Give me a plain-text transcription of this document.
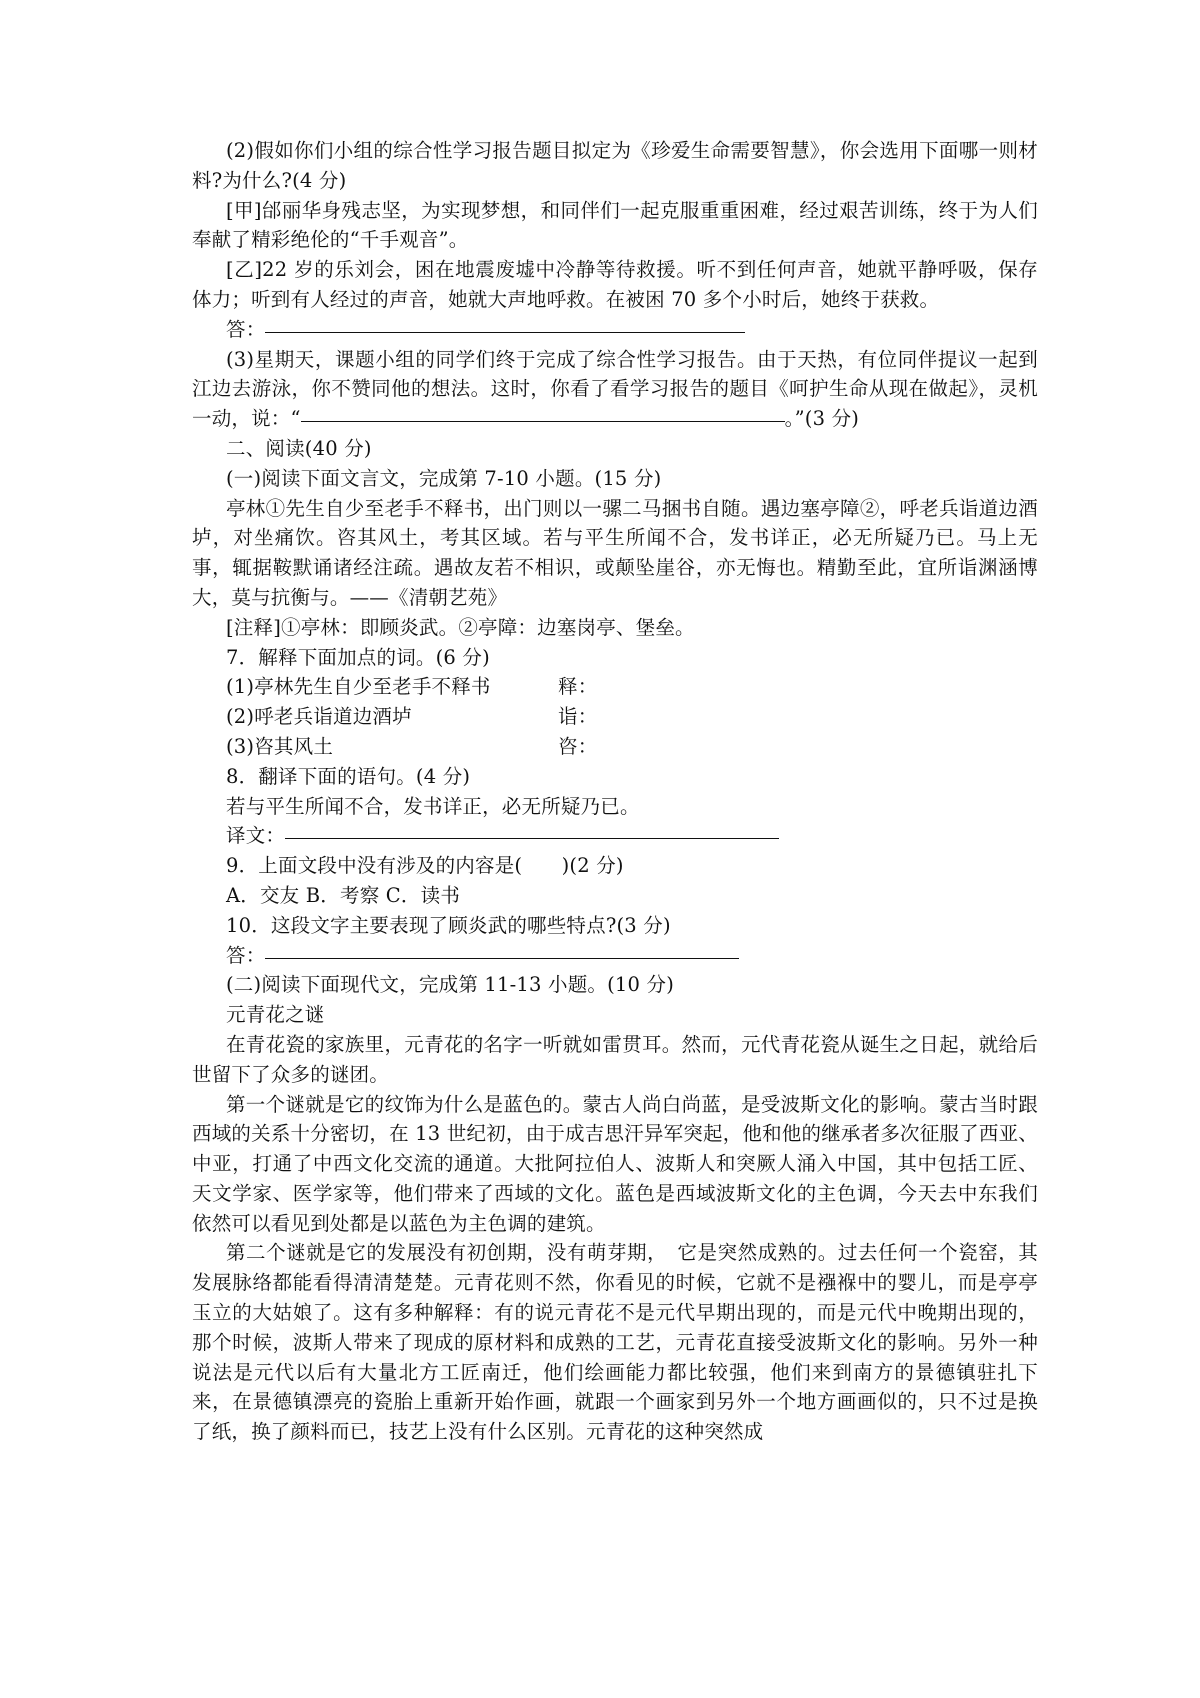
(2)假如你们小组的综合性学习报告题目拟定为《珍爱生命需要智慧》，你会选用下面哪一则材料?为什么?(4 分)

[甲]邰丽华身残志坚，为实现梦想，和同伴们一起克服重重困难，经过艰苦训练，终于为人们奉献了精彩绝伦的“千手观音”。

[乙]22 岁的乐刘会，困在地震废墟中冷静等待救援。听不到任何声音，她就平静呼吸，保存体力；听到有人经过的声音，她就大声地呼救。在被困 70 多个小时后，她终于获救。

答：

(3)星期天，课题小组的同学们终于完成了综合性学习报告。由于天热，有位同伴提议一起到江边去游泳，你不赞同他的想法。这时，你看了看学习报告的题目《呵护生命从现在做起》，灵机一动，说：“	。”(3 分)

二、阅读(40 分)

(一)阅读下面文言文，完成第 7-10 小题。(15 分)

亭林①先生自少至老手不释书，出门则以一骡二马捆书自随。遇边塞亭障②，呼老兵诣道边酒垆，对坐痛饮。咨其风土，考其区域。若与平生所闻不合，发书详正，必无所疑乃已。马上无事，辄据鞍默诵诸经注疏。遇故友若不相识，或颠坠崖谷，亦无悔也。精勤至此，宜所诣渊涵博大，莫与抗衡与。——《清朝艺苑》

[注释]①亭林：即顾炎武。②亭障：边塞岗亭、堡垒。

7．解释下面加点的词。(6 分)

(1)亭林先生自少至老手不释书	释：
(2)呼老兵诣道边酒垆	诣：
(3)咨其风土	咨：

8．翻译下面的语句。(4 分)

若与平生所闻不合，发书详正，必无所疑乃已。

译文：

9．上面文段中没有涉及的内容是(　　)(2 分)

A．交友 B．考察 C．读书

10．这段文字主要表现了顾炎武的哪些特点?(3 分)

答：

(二)阅读下面现代文，完成第 11-13 小题。(10 分)

元青花之谜

在青花瓷的家族里，元青花的名字一听就如雷贯耳。然而，元代青花瓷从诞生之日起，就给后世留下了众多的谜团。

第一个谜就是它的纹饰为什么是蓝色的。蒙古人尚白尚蓝，是受波斯文化的影响。蒙古当时跟西域的关系十分密切，在 13 世纪初，由于成吉思汗异军突起，他和他的继承者多次征服了西亚、中亚，打通了中西文化交流的通道。大批阿拉伯人、波斯人和突厥人涌入中国，其中包括工匠、天文学家、医学家等，他们带来了西域的文化。蓝色是西域波斯文化的主色调，今天去中东我们依然可以看见到处都是以蓝色为主色调的建筑。

第二个谜就是它的发展没有初创期，没有萌芽期，　它是突然成熟的。过去任何一个瓷窑，其发展脉络都能看得清清楚楚。元青花则不然，你看见的时候，它就不是襁褓中的婴儿，而是亭亭玉立的大姑娘了。这有多种解释：有的说元青花不是元代早期出现的，而是元代中晚期出现的，那个时候，波斯人带来了现成的原材料和成熟的工艺，元青花直接受波斯文化的影响。另外一种说法是元代以后有大量北方工匠南迁，他们绘画能力都比较强，他们来到南方的景德镇驻扎下来，在景德镇漂亮的瓷胎上重新开始作画，就跟一个画家到另外一个地方画画似的，只不过是换了纸，换了颜料而已，技艺上没有什么区别。元青花的这种突然成
